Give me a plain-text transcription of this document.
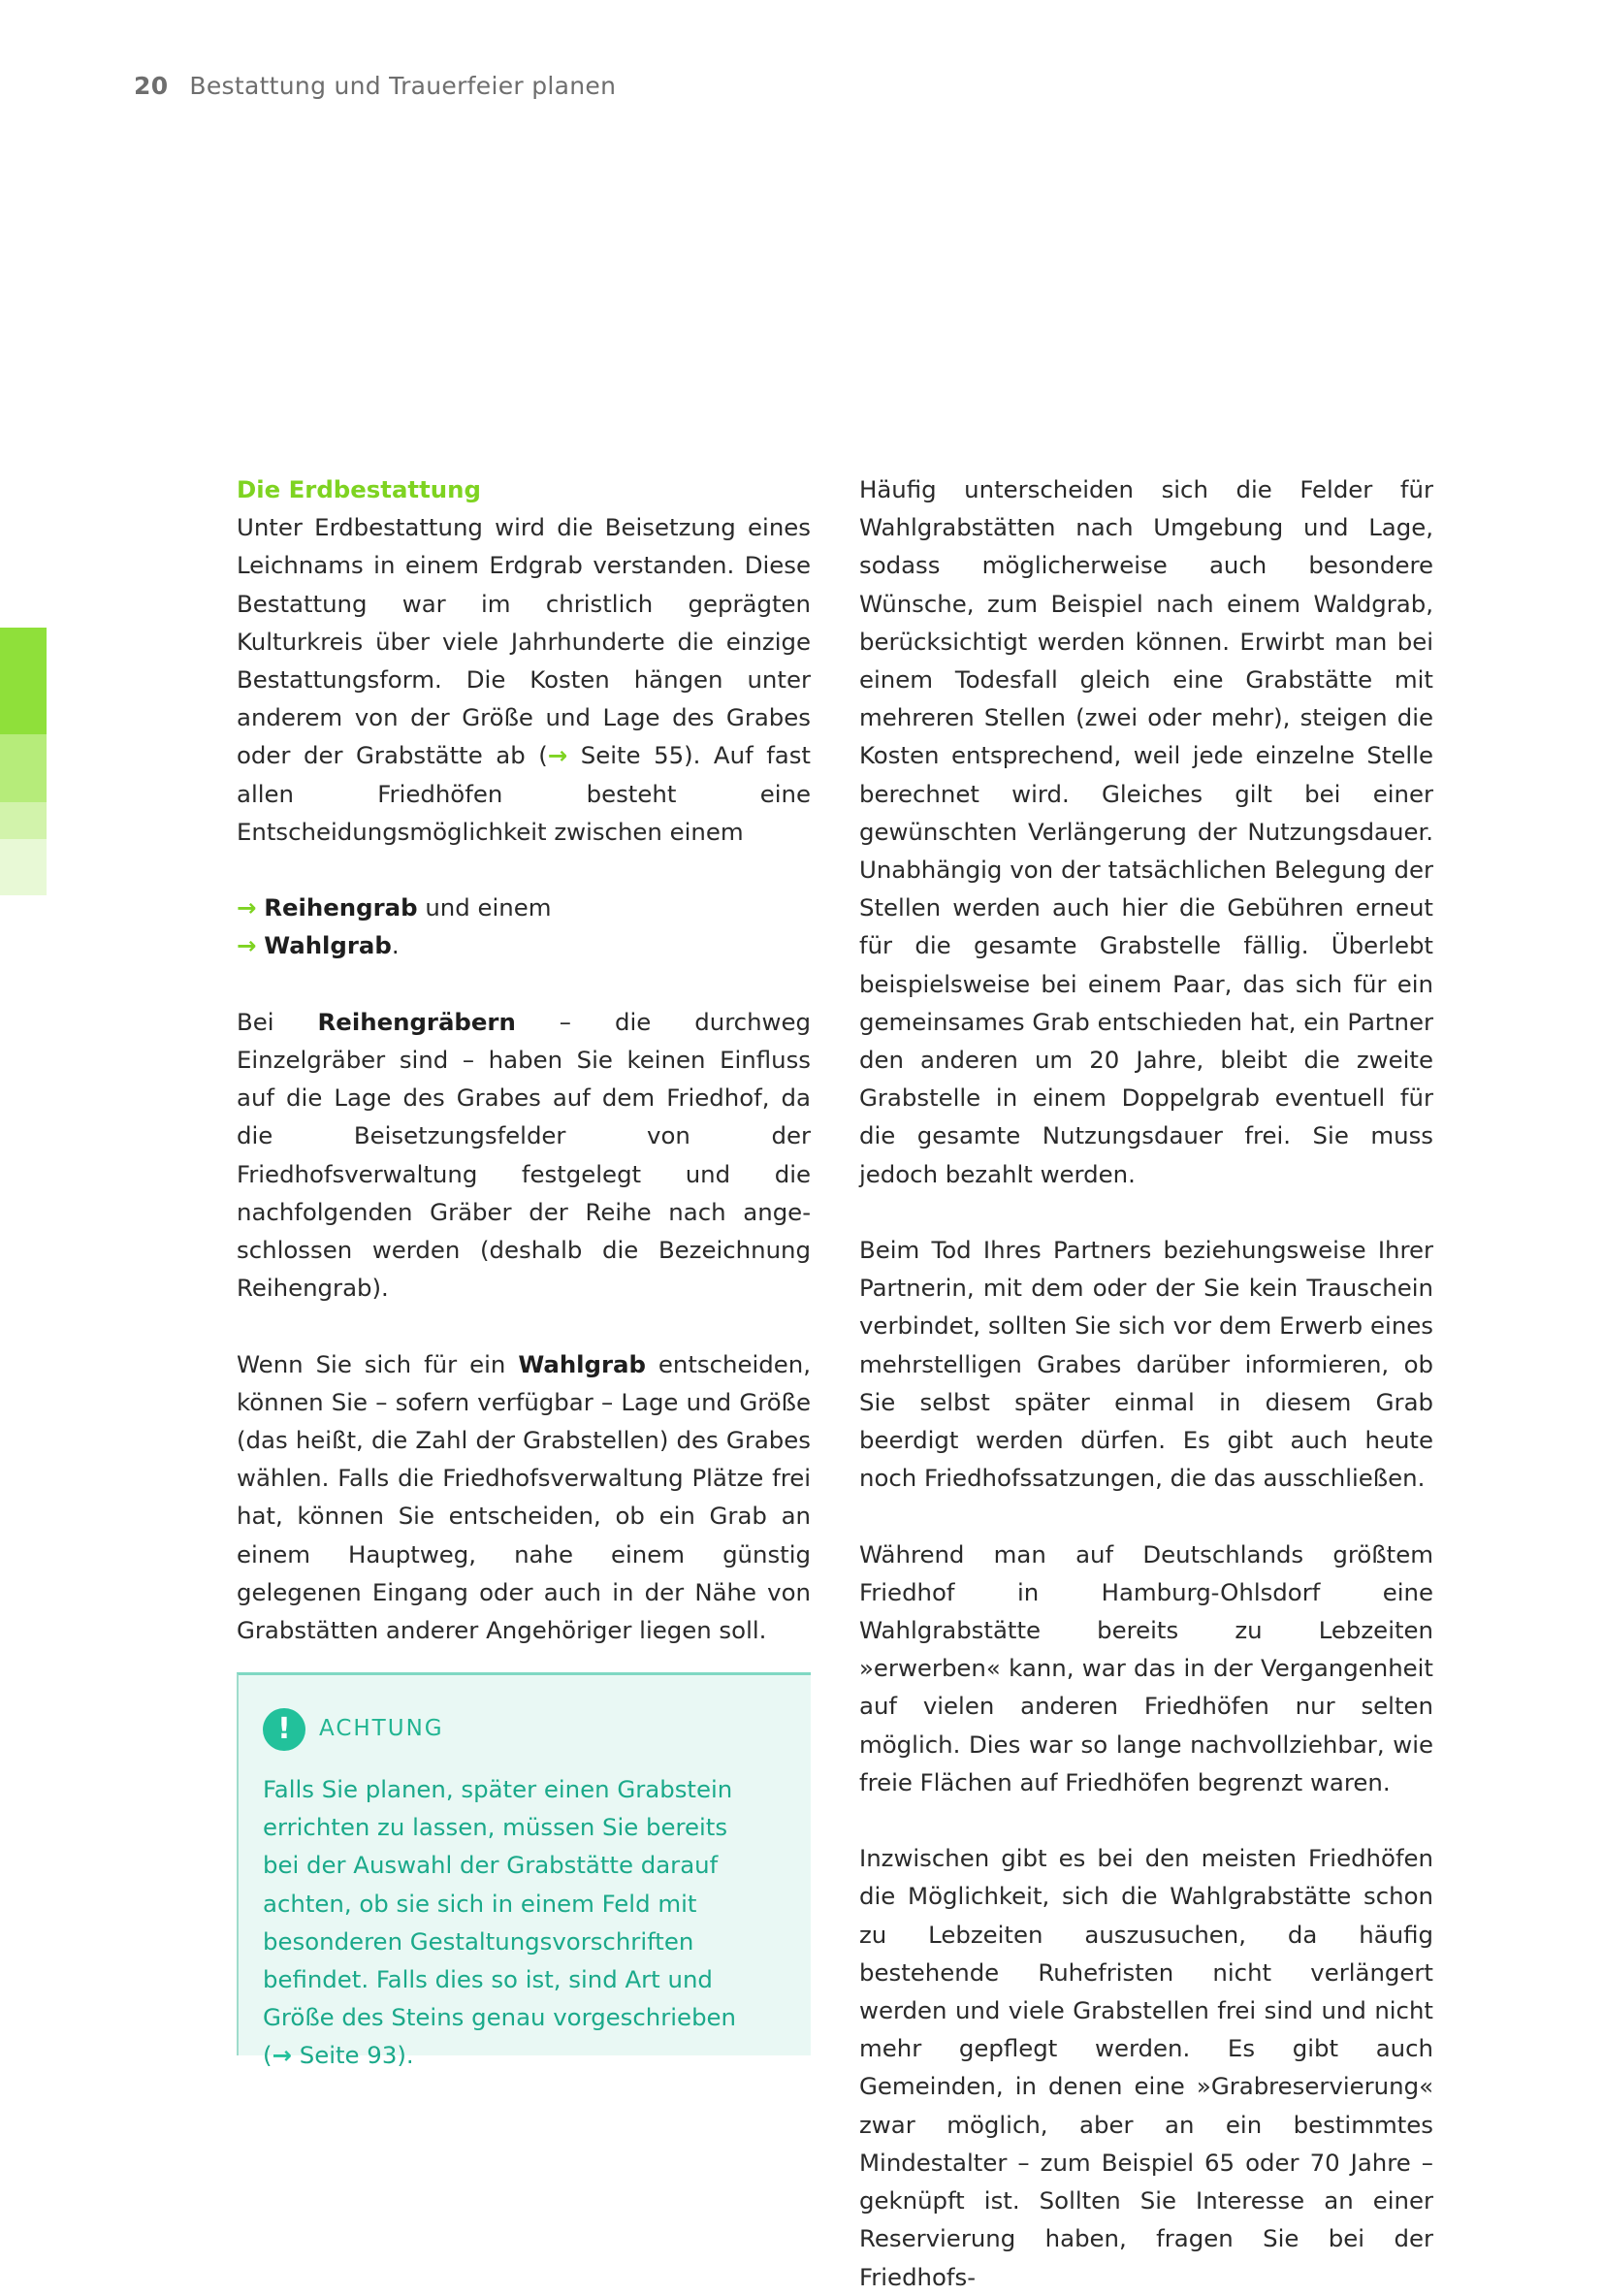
20 Bestattung und Trauerfeier planen

Die Erdbestattung
Unter Erdbestattung wird die Beisetzung eines Leichnams in einem Erdgrab verstanden. Diese Bestattung war im christlich geprägten Kulturkreis über viele Jahrhunderte die einzige Bestattungsform. Die Kosten hängen unter anderem von der Größe und Lage des Grabes oder der Grabstätte ab (→ Seite 55). Auf fast allen Friedhöfen besteht eine Entscheidungsmöglichkeit zwischen einem

→ Reihengrab und einem
→ Wahlgrab.

Bei Reihengräbern – die durchweg Einzelgräber sind – haben Sie keinen Einfluss auf die Lage des Grabes auf dem Friedhof, da die Beisetzungsfelder von der Friedhofsverwaltung festgelegt und die nachfolgenden Gräber der Reihe nach angeschlossen werden (deshalb die Bezeichnung Reihengrab).

Wenn Sie sich für ein Wahlgrab entscheiden, können Sie – sofern verfügbar – Lage und Größe (das heißt, die Zahl der Grabstellen) des Grabes wählen. Falls die Friedhofsverwaltung Plätze frei hat, können Sie entscheiden, ob ein Grab an einem Hauptweg, nahe einem günstig gelegenen Eingang oder auch in der Nähe von Grabstätten anderer Angehöriger liegen soll.

!	ACHTUNG

Falls Sie planen, später einen Grabstein errichten zu lassen, müssen Sie bereits bei der Auswahl der Grabstätte darauf achten, ob sie sich in einem Feld mit besonderen Gestaltungsvorschriften befindet. Falls dies so ist, sind Art und Größe des Steins genau vorgeschrieben (→ Seite 93).

Häufig unterscheiden sich die Felder für Wahlgrabstätten nach Umgebung und Lage, sodass möglicherweise auch besondere Wünsche, zum Beispiel nach einem Waldgrab, berücksichtigt werden können. Erwirbt man bei einem Todesfall gleich eine Grabstätte mit mehreren Stellen (zwei oder mehr), steigen die Kosten entsprechend, weil jede einzelne Stelle berechnet wird. Gleiches gilt bei einer gewünschten Verlängerung der Nutzungsdauer. Unabhängig von der tatsächlichen Belegung der Stellen werden auch hier die Gebühren erneut für die gesamte Grabstelle fällig. Überlebt beispielsweise bei einem Paar, das sich für ein gemeinsames Grab entschieden hat, ein Partner den anderen um 20 Jahre, bleibt die zweite Grabstelle in einem Doppelgrab eventuell für die gesamte Nutzungsdauer frei. Sie muss jedoch bezahlt werden.

Beim Tod Ihres Partners beziehungsweise Ihrer Partnerin, mit dem oder der Sie kein Trauschein verbindet, sollten Sie sich vor dem Erwerb eines mehrstelligen Grabes darüber informieren, ob Sie selbst später einmal in diesem Grab beerdigt werden dürfen. Es gibt auch heute noch Friedhofssatzungen, die das ausschließen.

Während man auf Deutschlands größtem Friedhof in Hamburg-Ohlsdorf eine Wahlgrabstätte bereits zu Lebzeiten »erwerben« kann, war das in der Vergangenheit auf vielen anderen Friedhöfen nur selten möglich. Dies war so lange nachvollziehbar, wie freie Flächen auf Friedhöfen begrenzt waren.

Inzwischen gibt es bei den meisten Friedhöfen die Möglichkeit, sich die Wahlgrabstätte schon zu Lebzeiten auszusuchen, da häufig bestehende Ruhefristen nicht verlängert werden und viele Grabstellen frei sind und nicht mehr gepflegt werden. Es gibt auch Gemeinden, in denen eine »Grabreservierung« zwar möglich, aber an ein bestimmtes Mindestalter – zum Beispiel 65 oder 70 Jahre – geknüpft ist. Sollten Sie Interesse an einer Reservierung haben, fragen Sie bei der Friedhofs-
